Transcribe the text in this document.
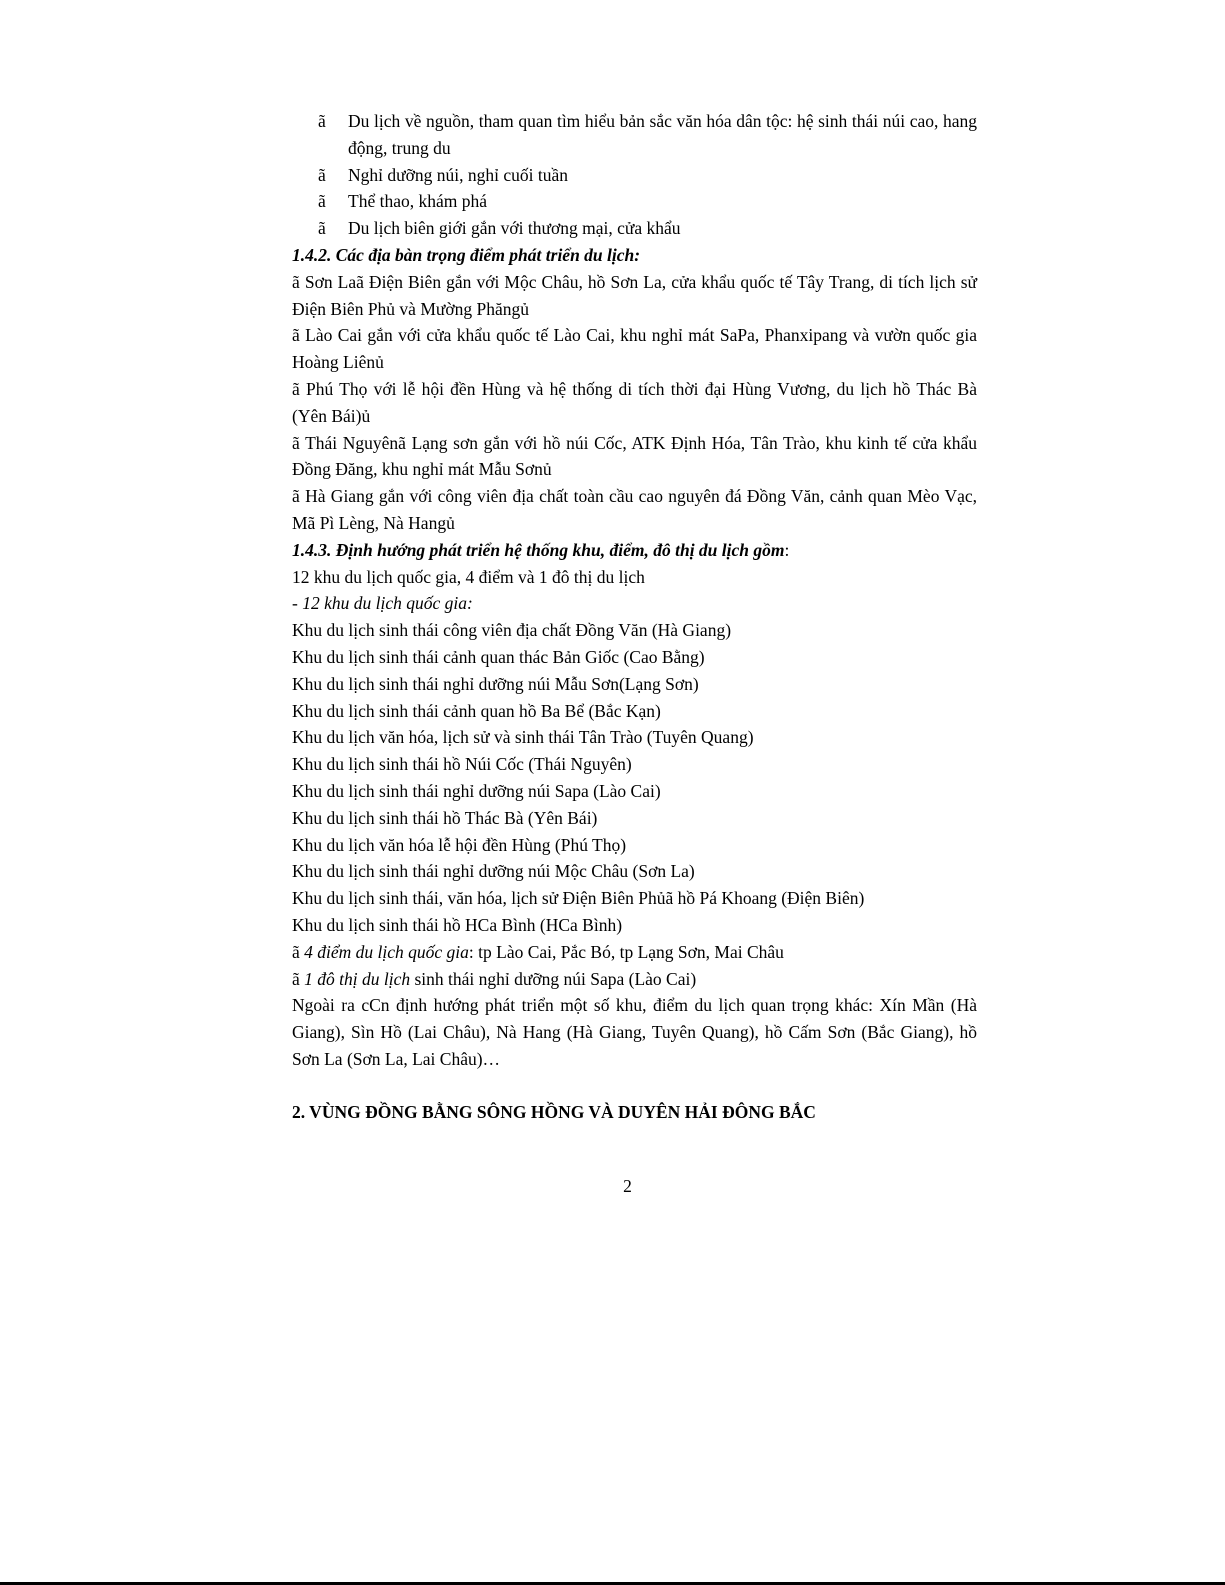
ã	Du lịch về nguồn, tham quan tìm hiểu bản sắc văn hóa dân tộc: hệ sinh thái núi cao, hang động, trung du
ã	Nghỉ dưỡng núi, nghỉ cuối tuần
ã	Thể thao, khám phá
ã	Du lịch biên giới gắn với thương mại, cửa khẩu
1.4.2. Các địa bàn trọng điểm phát triển du lịch:
ã Sơn Laã Điện Biên gắn với Mộc Châu, hồ Sơn La, cửa khẩu quốc tế Tây Trang, di tích lịch sử Điện Biên Phủ và Mường Phăngủ
ã Lào Cai gắn với cửa khẩu quốc tế Lào Cai, khu nghỉ mát SaPa, Phanxipang và vườn quốc gia Hoàng Liênủ
ã Phú Thọ với lễ hội đền Hùng và hệ thống di tích thời đại Hùng Vương, du lịch hồ Thác Bà (Yên Bái)ủ
ã Thái Nguyênã Lạng sơn gắn với hồ núi Cốc, ATK Định Hóa, Tân Trào, khu kinh tế cửa khẩu Đồng Đăng, khu nghỉ mát Mẫu Sơnủ
ã Hà Giang gắn với công viên địa chất toàn cầu cao nguyên đá Đồng Văn, cảnh quan Mèo Vạc, Mã Pì Lèng, Nà Hangủ
1.4.3. Định hướng phát triển hệ thống khu, điểm, đô thị du lịch gồm:
12 khu du lịch quốc gia, 4 điểm và 1 đô thị du lịch
- 12 khu du lịch quốc gia:
Khu du lịch sinh thái công viên địa chất Đồng Văn (Hà Giang)
Khu du lịch sinh thái cảnh quan thác Bản Giốc (Cao Bằng)
Khu du lịch sinh thái nghỉ dưỡng núi Mẫu Sơn(Lạng Sơn)
Khu du lịch sinh thái cảnh quan hồ Ba Bể (Bắc Kạn)
Khu du lịch văn hóa, lịch sử và sinh thái Tân Trào (Tuyên Quang)
Khu du lịch sinh thái hồ Núi Cốc (Thái Nguyên)
Khu du lịch sinh thái nghỉ dưỡng núi Sapa (Lào Cai)
Khu du lịch sinh thái hồ Thác Bà (Yên Bái)
Khu du lịch văn hóa lễ hội đền Hùng (Phú Thọ)
Khu du lịch sinh thái nghỉ dưỡng núi Mộc Châu (Sơn La)
Khu du lịch sinh thái, văn hóa, lịch sử Điện Biên Phủã hồ Pá Khoang (Điện Biên)
Khu du lịch sinh thái hồ HCa Bình (HCa Bình)
ã 4 điểm du lịch quốc gia: tp Lào Cai, Pắc Bó, tp Lạng Sơn, Mai Châu
ã 1 đô thị du lịch sinh thái nghỉ dưỡng núi Sapa (Lào Cai)
Ngoài ra cCn định hướng phát triển một số khu, điểm du lịch quan trọng khác: Xín Mần (Hà Giang), Sìn Hồ (Lai Châu), Nà Hang (Hà Giang, Tuyên Quang), hồ Cấm Sơn (Bắc Giang), hồ Sơn La (Sơn La, Lai Châu)…
2. VÙNG ĐỒNG BẰNG SÔNG HỒNG VÀ DUYÊN HẢI ĐÔNG BẮC
2
